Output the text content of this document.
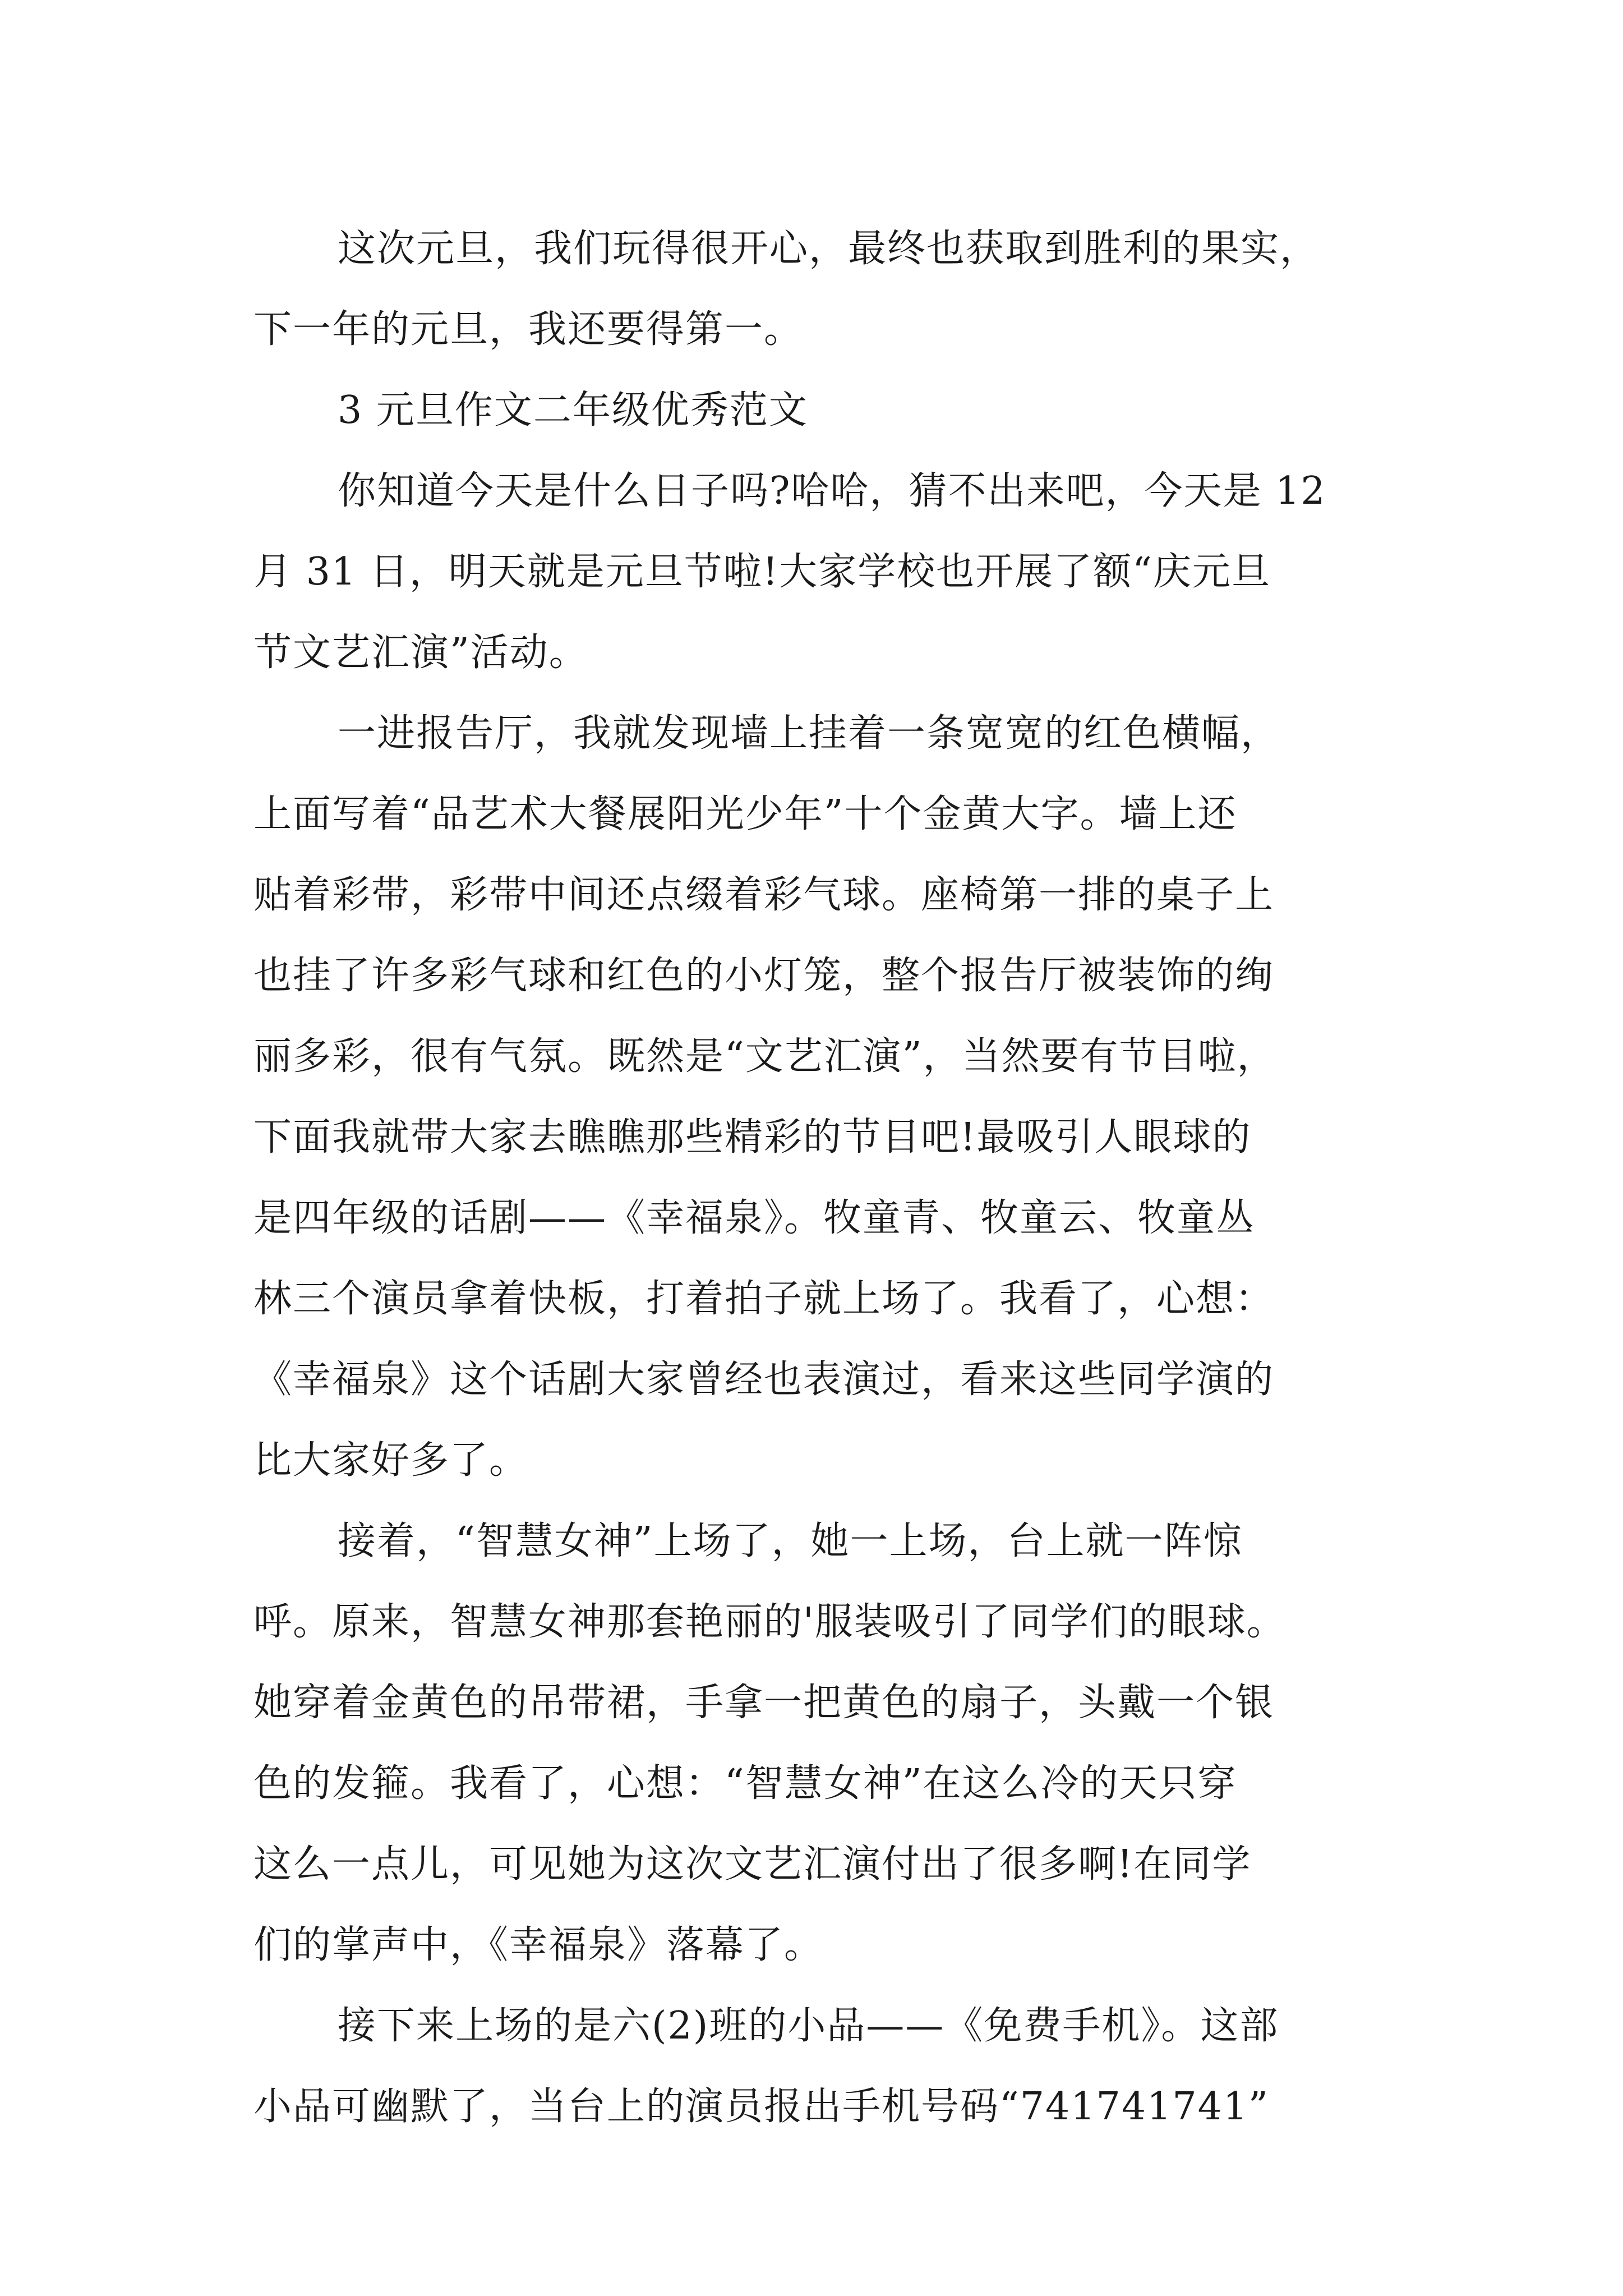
这次元旦，我们玩得很开心，最终也获取到胜利的果实，
下一年的元旦，我还要得第一。
3 元旦作文二年级优秀范文
你知道今天是什么日子吗?哈哈，猜不出来吧，今天是 12
月 31 日，明天就是元旦节啦!大家学校也开展了额“庆元旦
节文艺汇演”活动。
一进报告厅，我就发现墙上挂着一条宽宽的红色横幅，
上面写着“品艺术大餐展阳光少年”十个金黄大字。墙上还
贴着彩带，彩带中间还点缀着彩气球。座椅第一排的桌子上
也挂了许多彩气球和红色的小灯笼，整个报告厅被装饰的绚
丽多彩，很有气氛。既然是“文艺汇演”，当然要有节目啦，
下面我就带大家去瞧瞧那些精彩的节目吧!最吸引人眼球的
是四年级的话剧——《幸福泉》。牧童青、牧童云、牧童丛
林三个演员拿着快板，打着拍子就上场了。我看了，心想：
《幸福泉》这个话剧大家曾经也表演过，看来这些同学演的
比大家好多了。
接着，“智慧女神”上场了，她一上场，台上就一阵惊
呼。原来，智慧女神那套艳丽的'服装吸引了同学们的眼球。
她穿着金黄色的吊带裙，手拿一把黄色的扇子，头戴一个银
色的发箍。我看了，心想：“智慧女神”在这么冷的天只穿
这么一点儿，可见她为这次文艺汇演付出了很多啊!在同学
们的掌声中，《幸福泉》落幕了。
接下来上场的是六(2)班的小品——《免费手机》。这部
小品可幽默了，当台上的演员报出手机号码“741741741”
